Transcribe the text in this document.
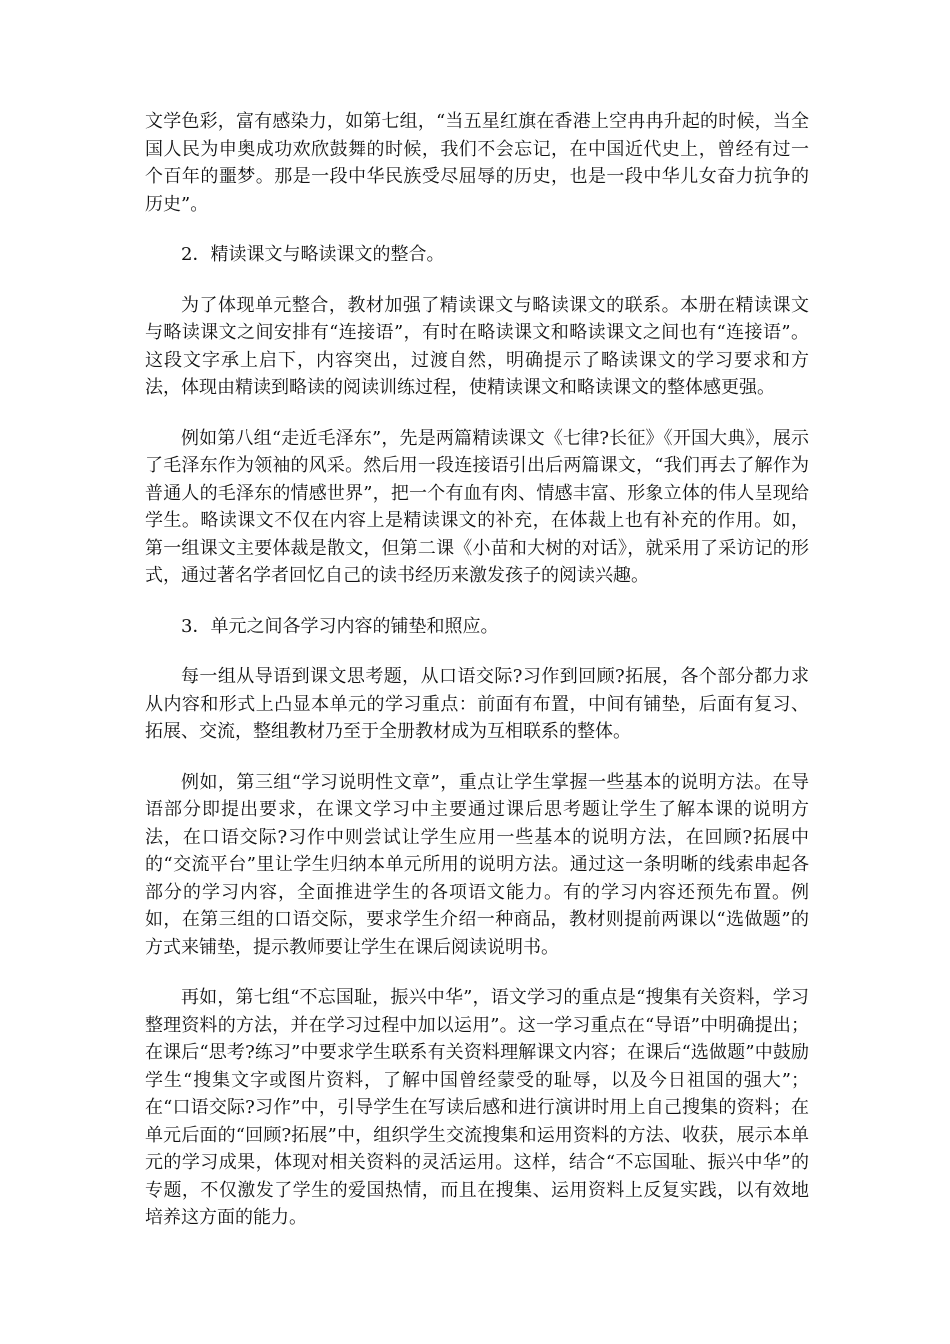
文学色彩，富有感染力，如第七组，“当五星红旗在香港上空冉冉升起的时候，当全国人民为申奥成功欢欣鼓舞的时候，我们不会忘记，在中国近代史上，曾经有过一个百年的噩梦。那是一段中华民族受尽屈辱的历史，也是一段中华儿女奋力抗争的历史”。

2．精读课文与略读课文的整合。

为了体现单元整合，教材加强了精读课文与略读课文的联系。本册在精读课文与略读课文之间安排有“连接语”，有时在略读课文和略读课文之间也有“连接语”。这段文字承上启下，内容突出，过渡自然，明确提示了略读课文的学习要求和方法，体现由精读到略读的阅读训练过程，使精读课文和略读课文的整体感更强。

例如第八组“走近毛泽东”，先是两篇精读课文《七律?长征》《开国大典》，展示了毛泽东作为领袖的风采。然后用一段连接语引出后两篇课文，“我们再去了解作为普通人的毛泽东的情感世界”，把一个有血有肉、情感丰富、形象立体的伟人呈现给学生。略读课文不仅在内容上是精读课文的补充，在体裁上也有补充的作用。如，第一组课文主要体裁是散文，但第二课《小苗和大树的对话》，就采用了采访记的形式，通过著名学者回忆自己的读书经历来激发孩子的阅读兴趣。

3．单元之间各学习内容的铺垫和照应。

每一组从导语到课文思考题，从口语交际?习作到回顾?拓展，各个部分都力求从内容和形式上凸显本单元的学习重点：前面有布置，中间有铺垫，后面有复习、拓展、交流，整组教材乃至于全册教材成为互相联系的整体。

例如，第三组“学习说明性文章”，重点让学生掌握一些基本的说明方法。在导语部分即提出要求，在课文学习中主要通过课后思考题让学生了解本课的说明方法，在口语交际?习作中则尝试让学生应用一些基本的说明方法，在回顾?拓展中的“交流平台”里让学生归纳本单元所用的说明方法。通过这一条明晰的线索串起各部分的学习内容，全面推进学生的各项语文能力。有的学习内容还预先布置。例如，在第三组的口语交际，要求学生介绍一种商品，教材则提前两课以“选做题”的方式来铺垫，提示教师要让学生在课后阅读说明书。

再如，第七组“不忘国耻，振兴中华”，语文学习的重点是“搜集有关资料，学习整理资料的方法，并在学习过程中加以运用”。这一学习重点在“导语”中明确提出；在课后“思考?练习”中要求学生联系有关资料理解课文内容；在课后“选做题”中鼓励学生“搜集文字或图片资料，了解中国曾经蒙受的耻辱，以及今日祖国的强大”；在“口语交际?习作”中，引导学生在写读后感和进行演讲时用上自己搜集的资料；在单元后面的“回顾?拓展”中，组织学生交流搜集和运用资料的方法、收获，展示本单元的学习成果，体现对相关资料的灵活运用。这样，结合“不忘国耻、振兴中华”的专题，不仅激发了学生的爱国热情，而且在搜集、运用资料上反复实践，以有效地培养这方面的能力。
